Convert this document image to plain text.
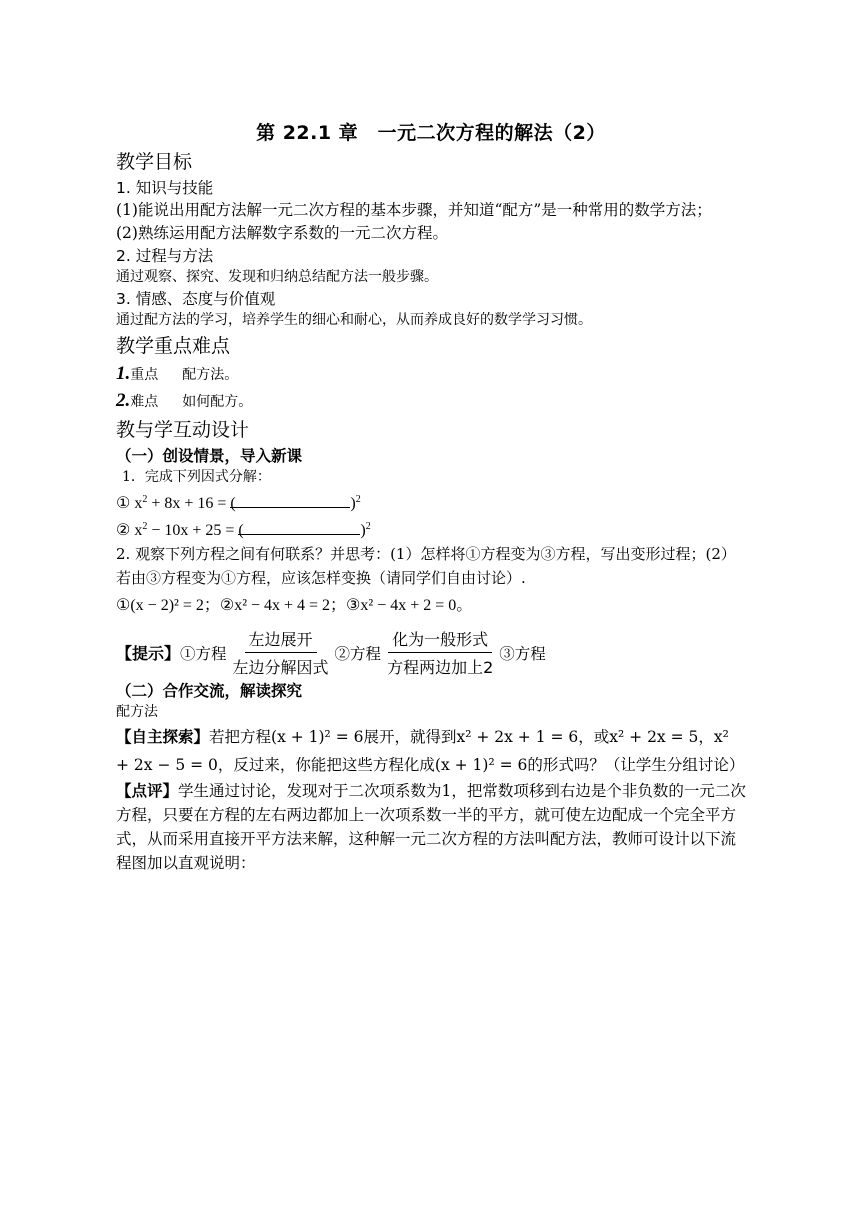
第 22.1 章　一元二次方程的解法（2）
教学目标
1. 知识与技能
(1)能说出用配方法解一元二次方程的基本步骤，并知道“配方”是一种常用的数学方法；
(2)熟练运用配方法解数字系数的一元二次方程。
2. 过程与方法
通过观察、探究、发现和归纳总结配方法一般步骤。
3. 情感、态度与价值观
通过配方法的学习，培养学生的细心和耐心，从而养成良好的数学学习习惯。
教学重点难点
1.重点 配方法。
2.难点 如何配方。
教与学互动设计
（一）创设情景，导入新课
1．完成下列因式分解：
① $x^2 + 8x + 16$ = (	)$^2$
② $x^2 - 10x + 25$ = (	)$^2$
2. 观察下列方程之间有何联系？并思考：(1）怎样将①方程变为③方程，写出变形过程；(2）若由③方程变为①方程，应该怎样变换（请同学们自由讨论）.
①(x − 2)² = 2；②x² − 4x + 4 = 2；③x² − 4x + 2 = 0。
【提示】 ①方程 $\frac{\text{左边展开}}{\text{左边分解因式}}$ ②方程 $\frac{\text{化为一般形式}}{\text{方程两边加上2}}$ ③方程
（二）合作交流，解读探究
配方法
【自主探索】若把方程(x + 1)² = 6展开，就得到x² + 2x + 1 = 6，或x² + 2x = 5，x² + 2x − 5 = 0，反过来，你能把这些方程化成(x + 1)² = 6的形式吗？（让学生分组讨论）
【点评】学生通过讨论，发现对于二次项系数为1，把常数项移到右边是个非负数的一元二次方程，只要在方程的左右两边都加上一次项系数一半的平方，就可使左边配成一个完全平方式，从而采用直接开平方法来解，这种解一元二次方程的方法叫配方法，教师可设计以下流程图加以直观说明：
